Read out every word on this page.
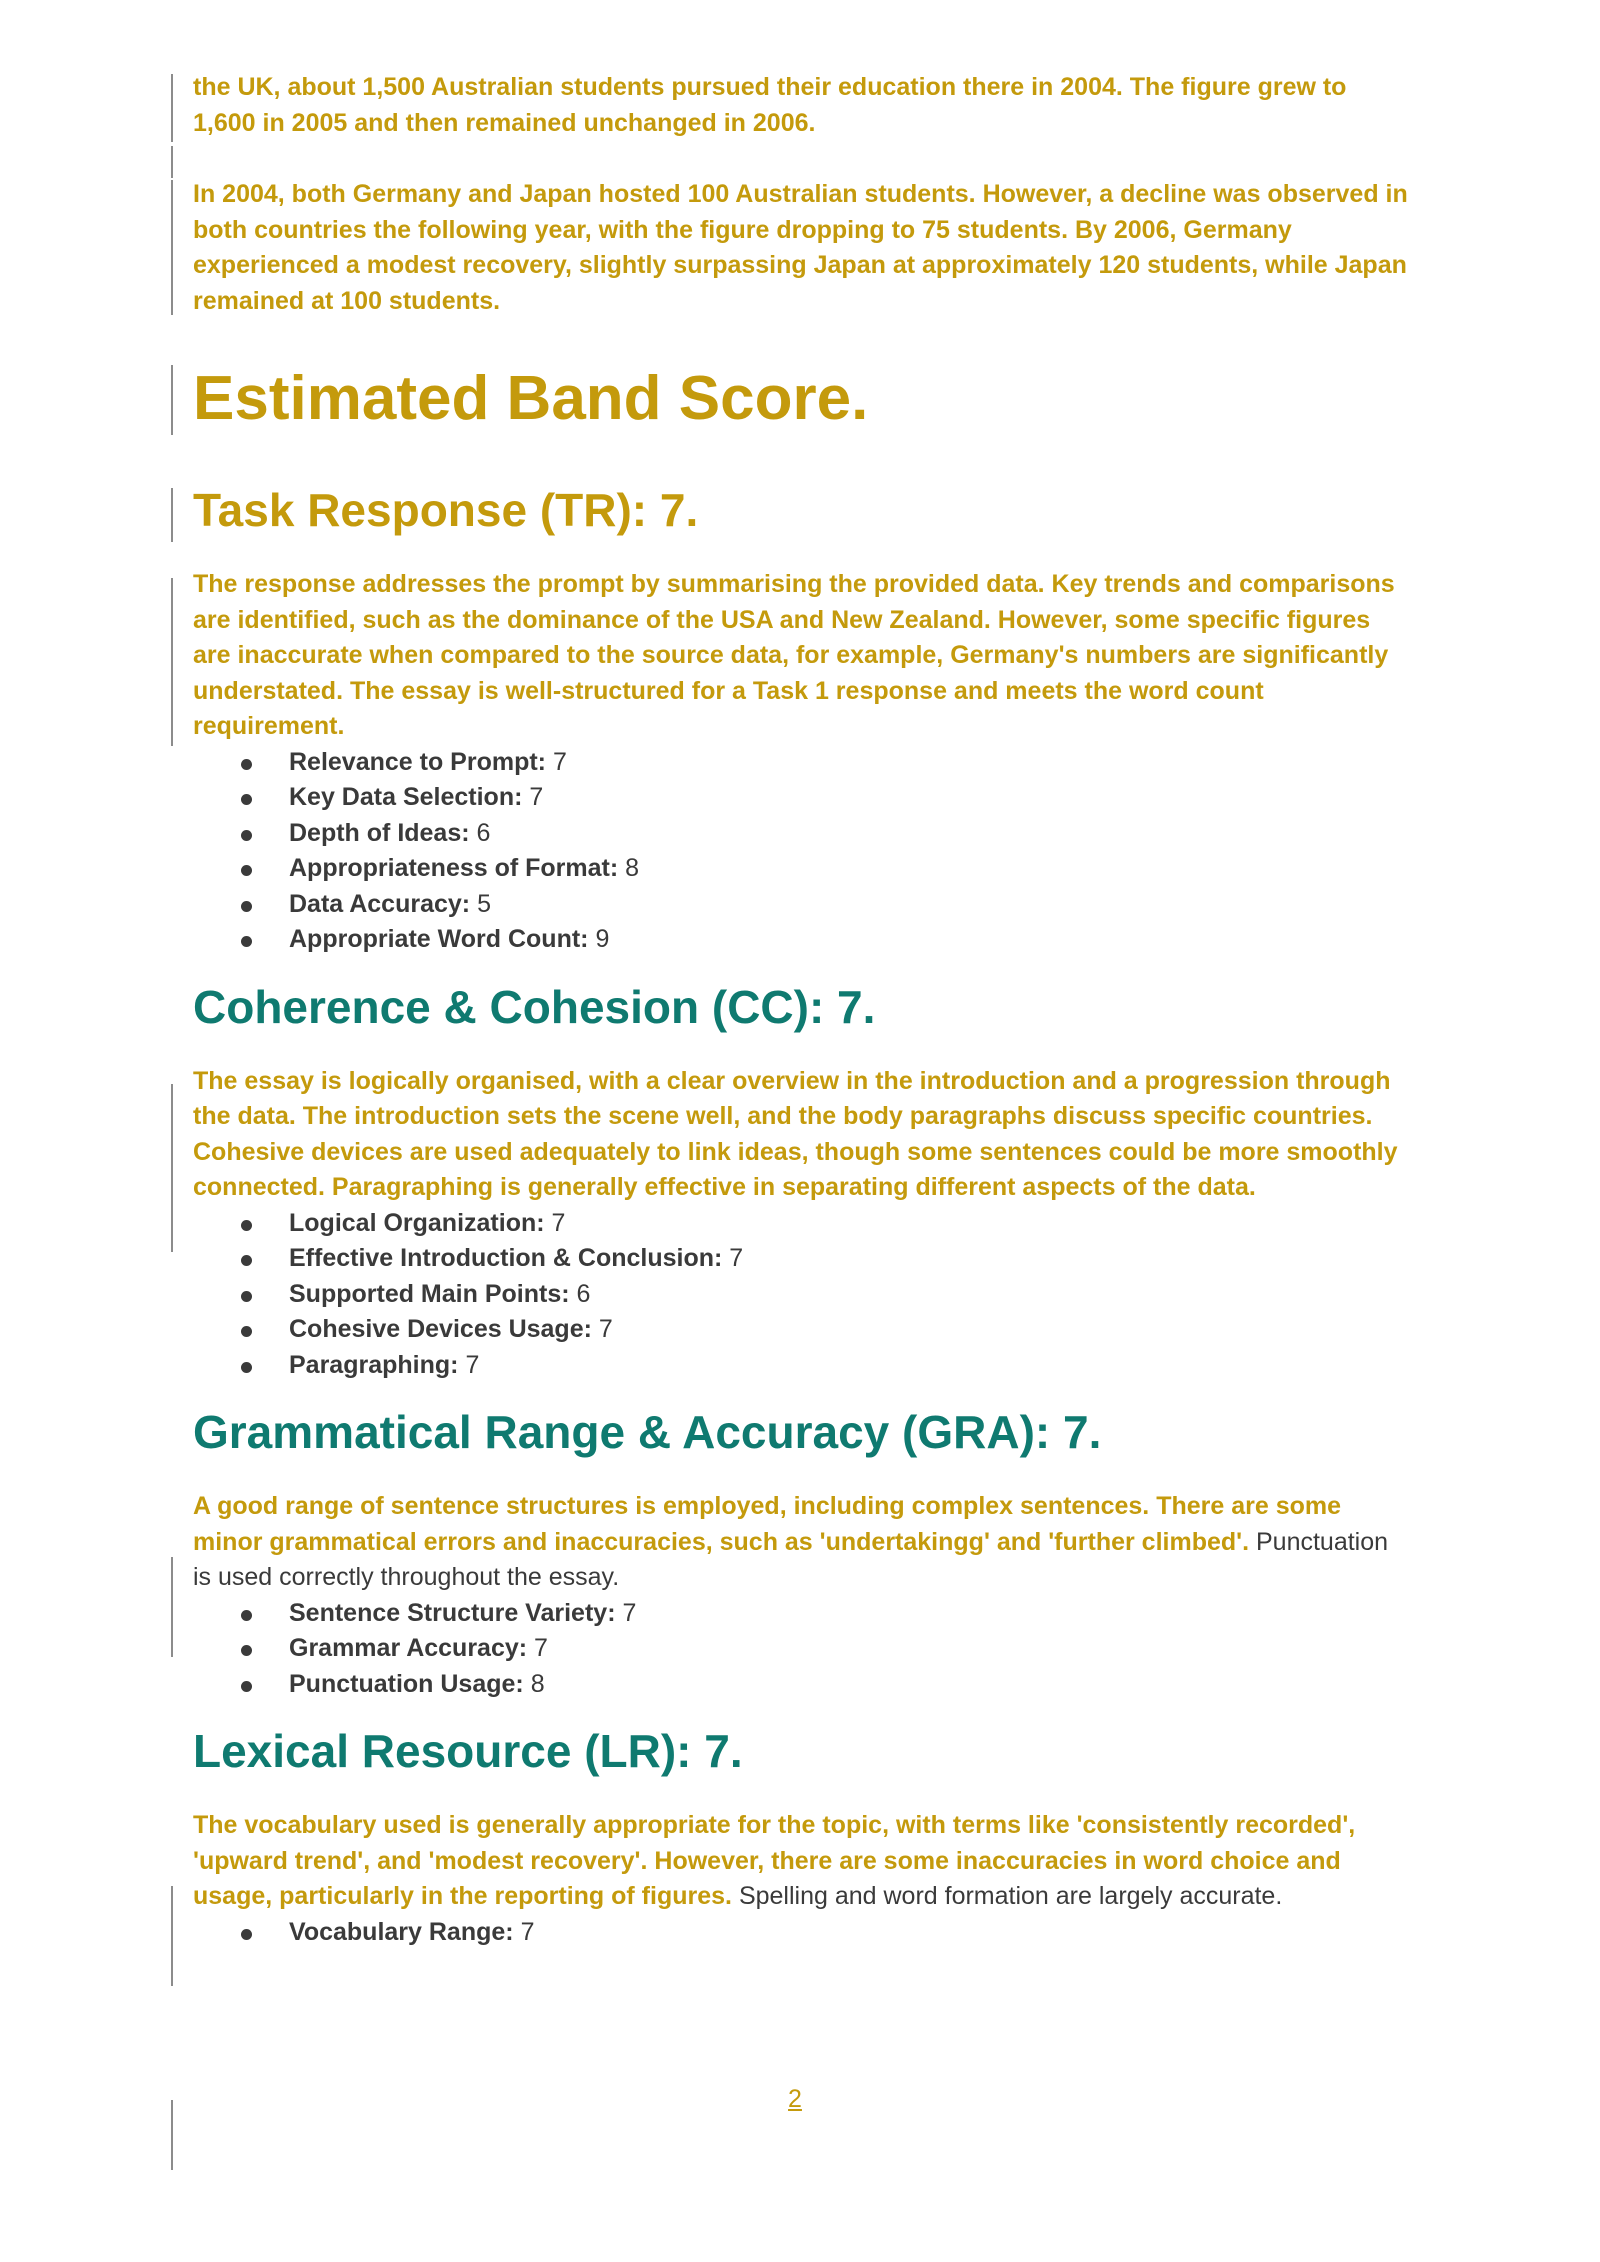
the UK, about 1,500 Australian students pursued their education there in 2004. The figure grew to 1,600 in 2005 and then remained unchanged in 2006.

In 2004, both Germany and Japan hosted 100 Australian students. However, a decline was observed in both countries the following year, with the figure dropping to 75 students. By 2006, Germany experienced a modest recovery, slightly surpassing Japan at approximately 120 students, while Japan remained at 100 students.

Estimated Band Score.
Task Response (TR): 7.

The response addresses the prompt by summarising the provided data. Key trends and comparisons are identified, such as the dominance of the USA and New Zealand. However, some specific figures are inaccurate when compared to the source data, for example, Germany's numbers are significantly understated. The essay is well-structured for a Task 1 response and meets the word count requirement.

Relevance to Prompt: 7
Key Data Selection: 7
Depth of Ideas: 6
Appropriateness of Format: 8
Data Accuracy: 5
Appropriate Word Count: 9
Coherence & Cohesion (CC): 7.

The essay is logically organised, with a clear overview in the introduction and a progression through the data. The introduction sets the scene well, and the body paragraphs discuss specific countries. Cohesive devices are used adequately to link ideas, though some sentences could be more smoothly connected. Paragraphing is generally effective in separating different aspects of the data.

Logical Organization: 7
Effective Introduction & Conclusion: 7
Supported Main Points: 6
Cohesive Devices Usage: 7
Paragraphing: 7
Grammatical Range & Accuracy (GRA): 7.

A good range of sentence structures is employed, including complex sentences. There are some minor grammatical errors and inaccuracies, such as 'undertakingg' and 'further climbed'. Punctuation is used correctly throughout the essay.

Sentence Structure Variety: 7
Grammar Accuracy: 7
Punctuation Usage: 8
Lexical Resource (LR): 7.

The vocabulary used is generally appropriate for the topic, with terms like 'consistently recorded', 'upward trend', and 'modest recovery'. However, there are some inaccuracies in word choice and usage, particularly in the reporting of figures. Spelling and word formation are largely accurate.

Vocabulary Range: 7
2
